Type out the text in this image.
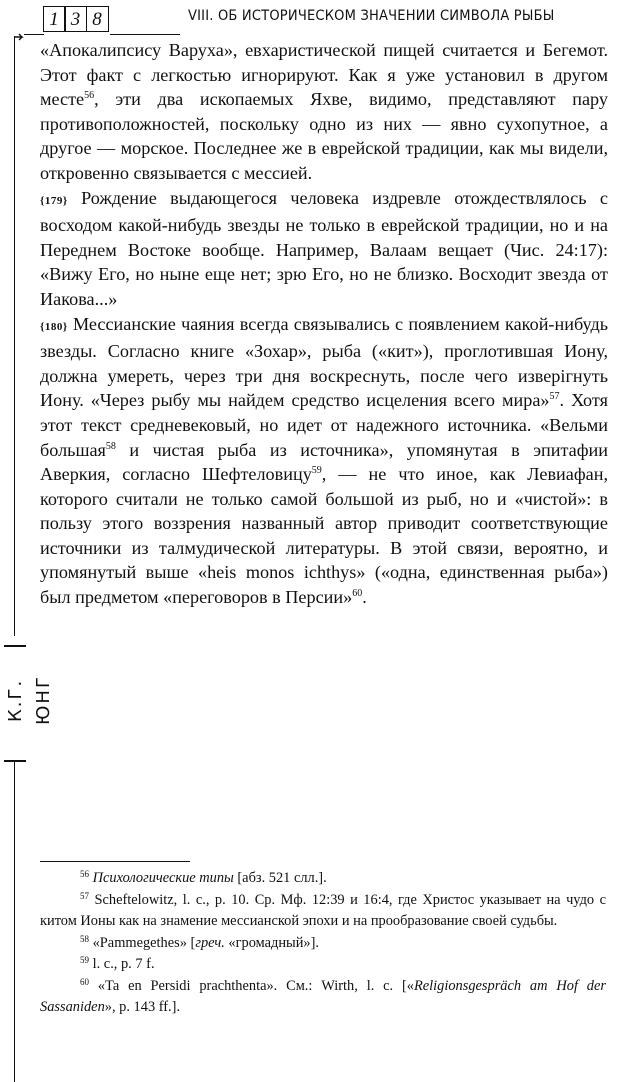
1 3 8	VIII. ОБ ИСТОРИЧЕСКОМ ЗНАЧЕНИИ СИМВОЛА РЫБЫ
К.Г. ЮНГ

«Апокалипсису Варуха», евхаристической пищей считается и Бегемот. Этот факт с легкостью игнорируют. Как я уже установил в другом месте$^{56}$, эти два ископаемых Яхве, видимо, представляют пару противоположностей, поскольку одно из них — явно сухопутное, а другое — морское. Последнее же в еврейской традиции, как мы видели, откровенно связывается с мессией.

{179} Рождение выдающегося человека издревле отождествлялось с восходом какой-нибудь звезды не только в еврейской традиции, но и на Переднем Востоке вообще. Например, Валаам вещает (Чис. 24:17): «Вижу Его, но ныне еще нет; зрю Его, но не близко. Восходит звезда от Иакова...»

{180} Мессианские чаяния всегда связывались с появлением какой-нибудь звезды. Согласно книге «Зохар», рыба («кит»), проглотившая Иону, должна умереть, через три дня воскреснуть, после чего изверігнуть Иону. «Через рыбу мы найдем средство исцеления всего мира»$^{57}$. Хотя этот текст средневековый, но идет от надежного источника. «Вельми большая$^{58}$ и чистая рыба из источника», упомянутая в эпитафии Аверкия, согласно Шефтеловицу$^{59}$, — не что иное, как Левиафан, которого считали не только самой большой из рыб, но и «чистой»: в пользу этого воззрения названный автор приводит соответствующие источники из талмудической литературы. В этой связи, вероятно, и упомянутый выше «heis monos ichthys» («одна, единственная рыба») был предметом «переговоров в Персии»$^{60}$.

$^{56}$ Психологические типы [абз. 521 слл.].

$^{57}$ Scheftelowitz, l. c., p. 10. Ср. Мф. 12:39 и 16:4, где Христос указывает на чудо с китом Ионы как на знамение мессианской эпохи и на прообразование своей судьбы.

$^{58}$ «Pammegethes» [греч. «громадный»].

$^{59}$ l. c., p. 7 f.

$^{60}$ «Ta en Persidi prachthenta». См.: Wirth, l. c. [«Religionsgespräch am Hof der Sassaniden», p. 143 ff.].
